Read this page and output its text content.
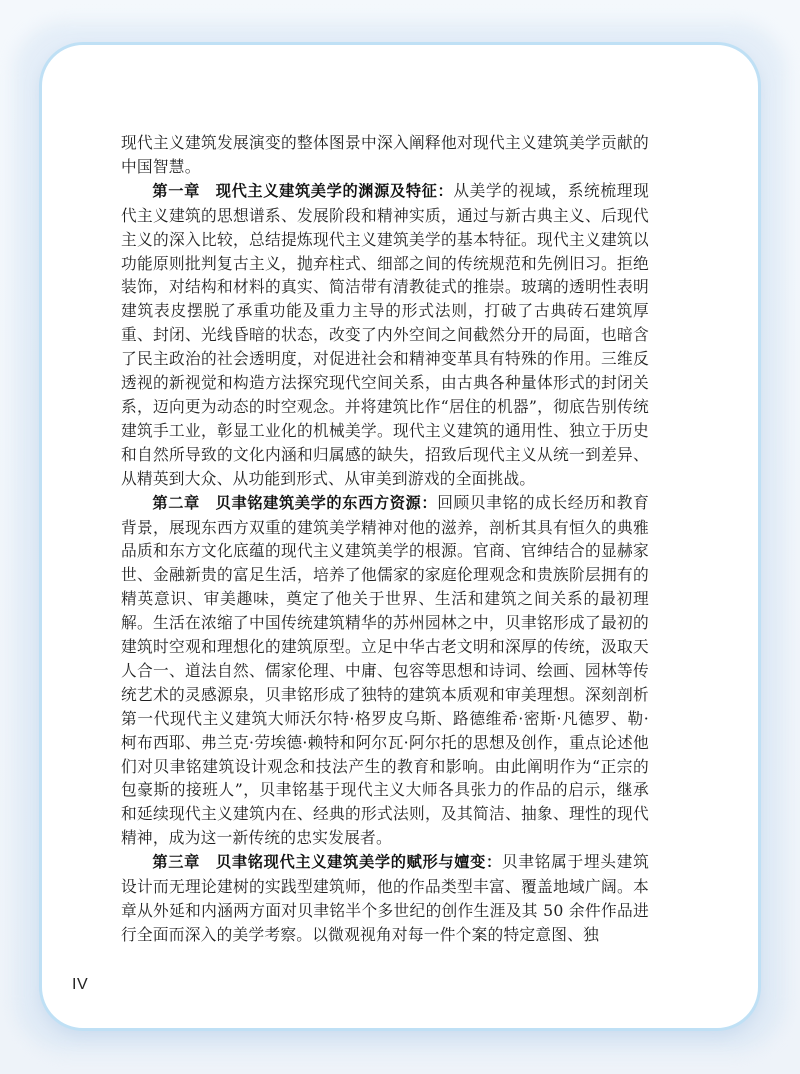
现代主义建筑发展演变的整体图景中深入阐释他对现代主义建筑美学贡献的中国智慧。

第一章　现代主义建筑美学的渊源及特征：从美学的视域，系统梳理现代主义建筑的思想谱系、发展阶段和精神实质，通过与新古典主义、后现代主义的深入比较，总结提炼现代主义建筑美学的基本特征。现代主义建筑以功能原则批判复古主义，抛弃柱式、细部之间的传统规范和先例旧习。拒绝装饰，对结构和材料的真实、简洁带有清教徒式的推崇。玻璃的透明性表明建筑表皮摆脱了承重功能及重力主导的形式法则，打破了古典砖石建筑厚重、封闭、光线昏暗的状态，改变了内外空间之间截然分开的局面，也暗含了民主政治的社会透明度，对促进社会和精神变革具有特殊的作用。三维反透视的新视觉和构造方法探究现代空间关系，由古典各种量体形式的封闭关系，迈向更为动态的时空观念。并将建筑比作“居住的机器”，彻底告别传统建筑手工业，彰显工业化的机械美学。现代主义建筑的通用性、独立于历史和自然所导致的文化内涵和归属感的缺失，招致后现代主义从统一到差异、从精英到大众、从功能到形式、从审美到游戏的全面挑战。

第二章　贝聿铭建筑美学的东西方资源：回顾贝聿铭的成长经历和教育背景，展现东西方双重的建筑美学精神对他的滋养，剖析其具有恒久的典雅品质和东方文化底蕴的现代主义建筑美学的根源。官商、官绅结合的显赫家世、金融新贵的富足生活，培养了他儒家的家庭伦理观念和贵族阶层拥有的精英意识、审美趣味，奠定了他关于世界、生活和建筑之间关系的最初理解。生活在浓缩了中国传统建筑精华的苏州园林之中，贝聿铭形成了最初的建筑时空观和理想化的建筑原型。立足中华古老文明和深厚的传统，汲取天人合一、道法自然、儒家伦理、中庸、包容等思想和诗词、绘画、园林等传统艺术的灵感源泉，贝聿铭形成了独特的建筑本质观和审美理想。深刻剖析第一代现代主义建筑大师沃尔特·格罗皮乌斯、路德维希·密斯·凡德罗、勒·柯布西耶、弗兰克·劳埃德·赖特和阿尔瓦·阿尔托的思想及创作，重点论述他们对贝聿铭建筑设计观念和技法产生的教育和影响。由此阐明作为“正宗的包豪斯的接班人”，贝聿铭基于现代主义大师各具张力的作品的启示，继承和延续现代主义建筑内在、经典的形式法则，及其简洁、抽象、理性的现代精神，成为这一新传统的忠实发展者。

第三章　贝聿铭现代主义建筑美学的赋形与嬗变：贝聿铭属于埋头建筑设计而无理论建树的实践型建筑师，他的作品类型丰富、覆盖地域广阔。本章从外延和内涵两方面对贝聿铭半个多世纪的创作生涯及其 50 余件作品进行全面而深入的美学考察。以微观视角对每一件个案的特定意图、独

IV
